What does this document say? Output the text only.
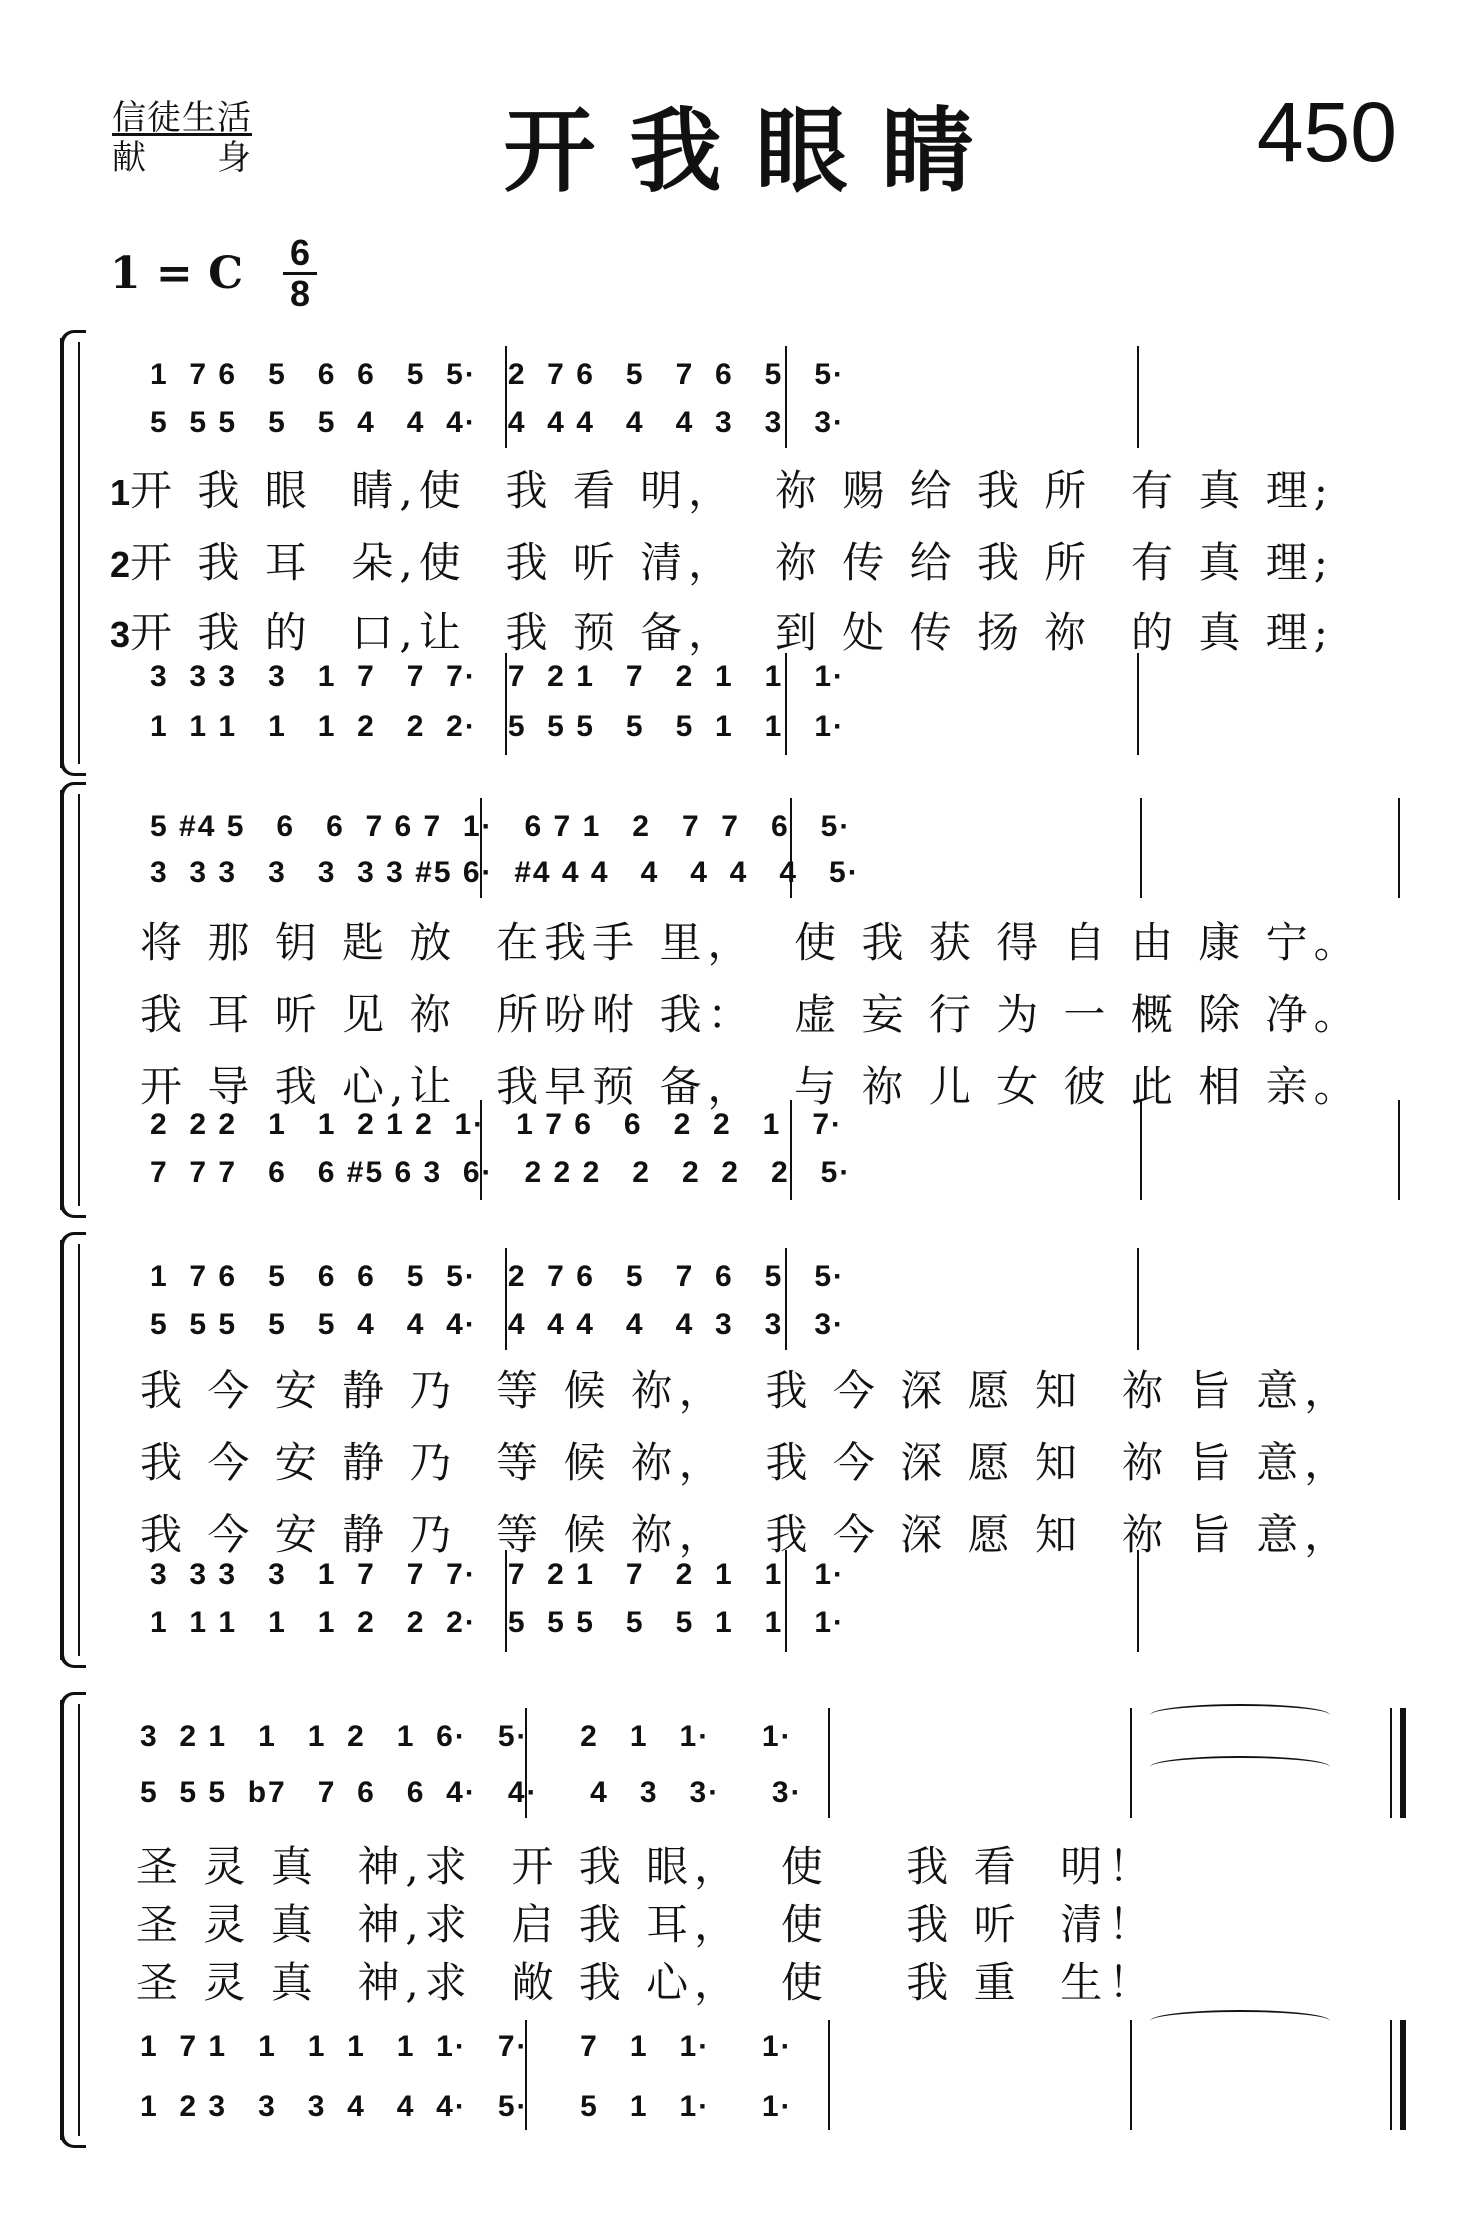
信徒生活
献　　身	开我眼睛	450
1 = C 6
8
1  7 6   5   6  6   5  5·   2  7 6   5   7  6   5   5·
5  5 5   5   5  4   4  4·   4  4 4   4   4  3   3   3·
1开 我 眼  睛,使  我 看 明，  祢 赐 给 我 所  有 真 理;
2开 我 耳  朵,使  我 听 清，  祢 传 给 我 所  有 真 理;
3开 我 的  口,让  我 预 备，  到 处 传 扬 祢  的 真 理;
3  3 3   3   1  7   7  7·   7  2 1   7   2  1   1   1·
1  1 1   1   1  2   2  2·   5  5 5   5   5  1   1   1·
5 #4 5   6   6  7 6 7  1·   6 7 1   2   7  7   6   5·
3  3 3   3   3  3 3 #5 6·  #4 4 4   4   4  4   4   5·
将 那 钥 匙 放  在我手 里，  使 我 获 得 自 由 康 宁。
我 耳 听 见 祢  所吩咐 我：  虚 妄 行 为 一 概 除 净。
开 导 我 心,让  我早预 备，  与 祢 儿 女 彼 此 相 亲。
2  2 2   1   1  2 1 2  1·   1 7 6   6   2  2   1   7·
7  7 7   6   6 #5 6 3  6·   2 2 2   2   2  2   2   5·
1  7 6   5   6  6   5  5·   2  7 6   5   7  6   5   5·
5  5 5   5   5  4   4  4·   4  4 4   4   4  3   3   3·
我 今 安 静 乃  等 候 祢，  我 今 深 愿 知  祢 旨 意，
我 今 安 静 乃  等 候 祢，  我 今 深 愿 知  祢 旨 意，
我 今 安 静 乃  等 候 祢，  我 今 深 愿 知  祢 旨 意，
3  3 3   3   1  7   7  7·   7  2 1   7   2  1   1   1·
1  1 1   1   1  2   2  2·   5  5 5   5   5  1   1   1·
3  2 1   1   1  2   1  6·   5·     2   1   1·     1·
5  5 5  b7   7  6   6  4·   4·     4   3   3·     3·
圣 灵 真  神,求  开 我 眼，  使    我 看  明！
圣 灵 真  神,求  启 我 耳，  使    我 听  清！
圣 灵 真  神,求  敞 我 心，  使    我 重  生！
1  7 1   1   1  1   1  1·   7·     7   1   1·     1·
1  2 3   3   3  4   4  4·   5·     5   1   1·     1·
